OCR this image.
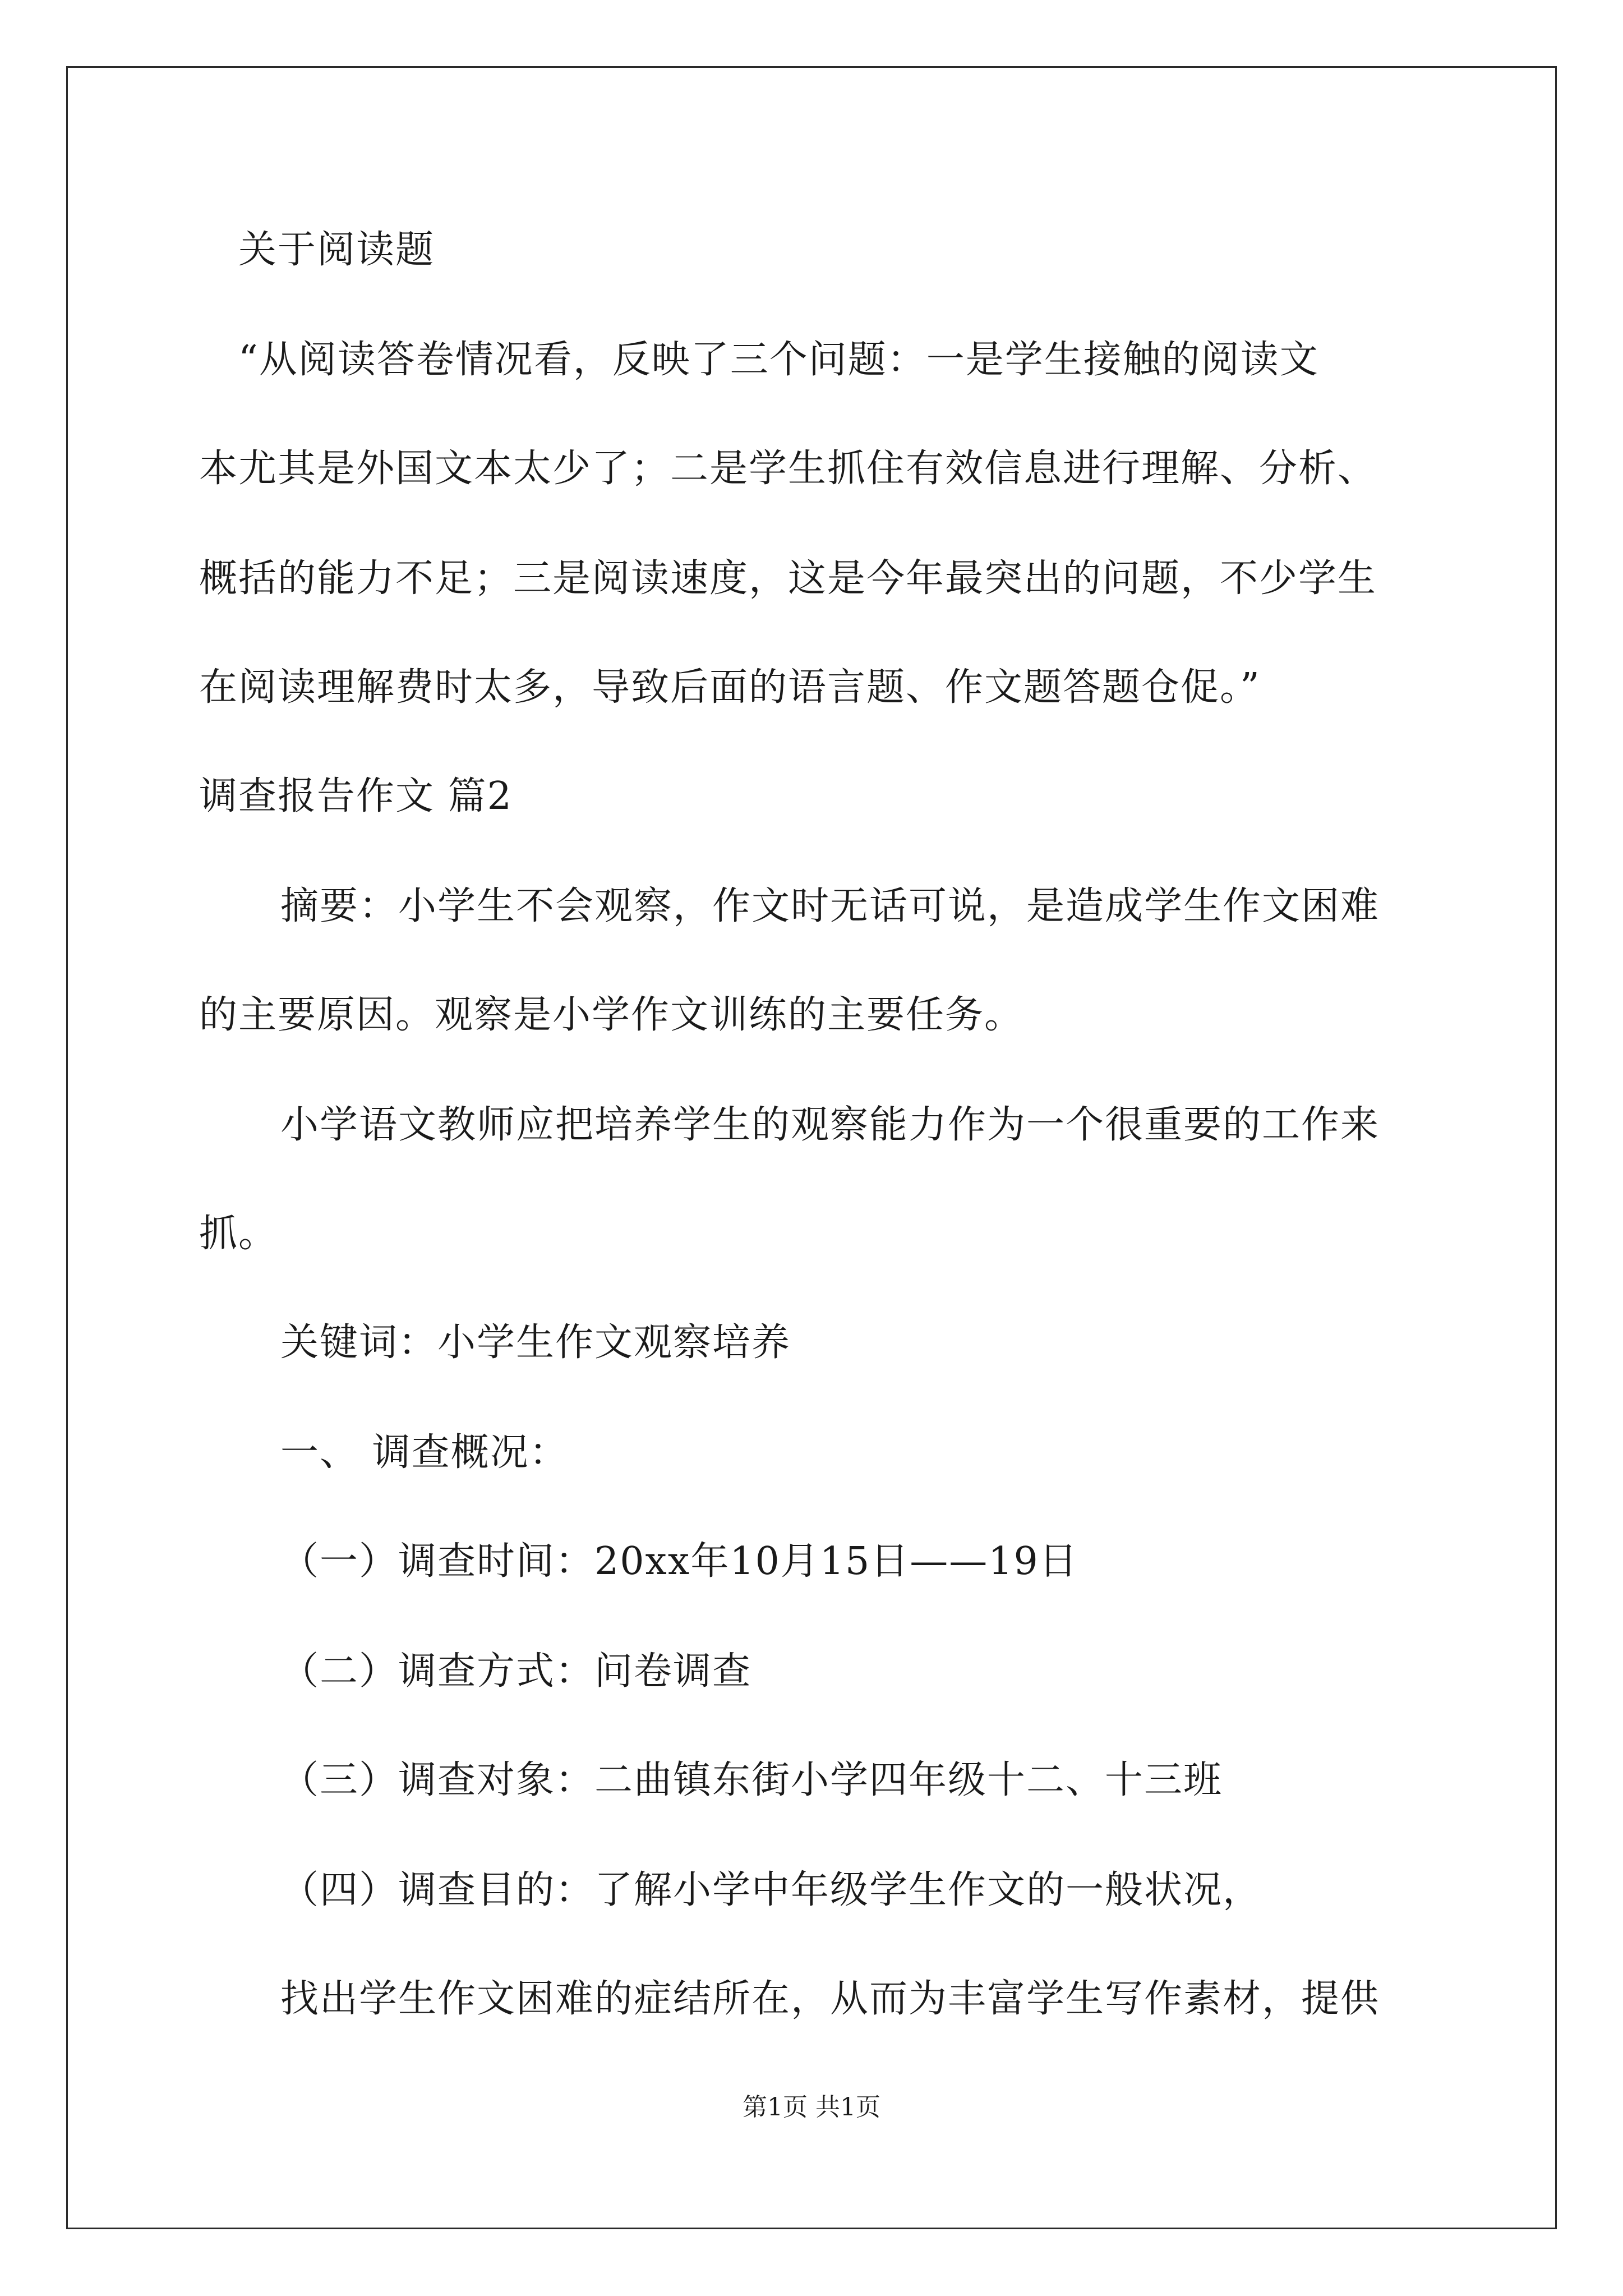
关于阅读题
“从阅读答卷情况看，反映了三个问题：一是学生接触的阅读文
本尤其是外国文本太少了；二是学生抓住有效信息进行理解、分析、
概括的能力不足；三是阅读速度，这是今年最突出的问题，不少学生
在阅读理解费时太多，导致后面的语言题、作文题答题仓促。”
调查报告作文 篇2
摘要：小学生不会观察，作文时无话可说，是造成学生作文困难
的主要原因。观察是小学作文训练的主要任务。
小学语文教师应把培养学生的观察能力作为一个很重要的工作来
抓。
关键词：小学生作文观察培养
一、 调查概况：
（一）调查时间：20xx年10月15日——19日
（二）调查方式：问卷调查
（三）调查对象：二曲镇东街小学四年级十二、十三班
（四）调查目的：了解小学中年级学生作文的一般状况，
找出学生作文困难的症结所在，从而为丰富学生写作素材，提供
第1页 共1页
